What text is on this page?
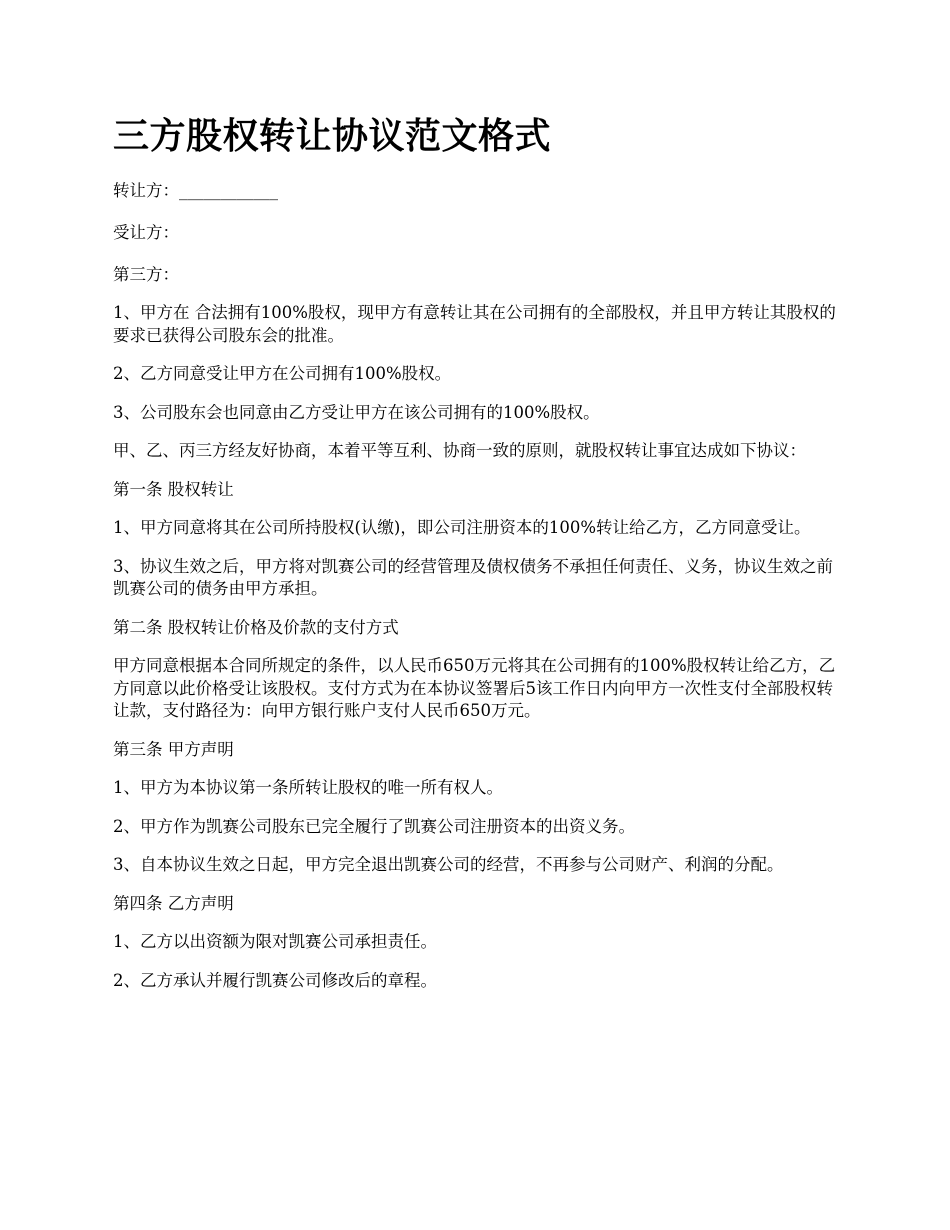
三方股权转让协议范文格式

转让方：____________

受让方：

第三方：

1、甲方在 合法拥有100%股权，现甲方有意转让其在公司拥有的全部股权，并且甲方转让其股权的要求已获得公司股东会的批准。

2、乙方同意受让甲方在公司拥有100%股权。

3、公司股东会也同意由乙方受让甲方在该公司拥有的100%股权。

甲、乙、丙三方经友好协商，本着平等互利、协商一致的原则，就股权转让事宜达成如下协议：

第一条 股权转让

1、甲方同意将其在公司所持股权(认缴)，即公司注册资本的100%转让给乙方，乙方同意受让。

3、协议生效之后，甲方将对凯赛公司的经营管理及债权债务不承担任何责任、义务，协议生效之前凯赛公司的债务由甲方承担。

第二条 股权转让价格及价款的支付方式

甲方同意根据本合同所规定的条件，以人民币650万元将其在公司拥有的100%股权转让给乙方，乙方同意以此价格受让该股权。支付方式为在本协议签署后5该工作日内向甲方一次性支付全部股权转让款，支付路径为：向甲方银行账户支付人民币650万元。

第三条 甲方声明

1、甲方为本协议第一条所转让股权的唯一所有权人。

2、甲方作为凯赛公司股东已完全履行了凯赛公司注册资本的出资义务。

3、自本协议生效之日起，甲方完全退出凯赛公司的经营，不再参与公司财产、利润的分配。

第四条 乙方声明

1、乙方以出资额为限对凯赛公司承担责任。

2、乙方承认并履行凯赛公司修改后的章程。
